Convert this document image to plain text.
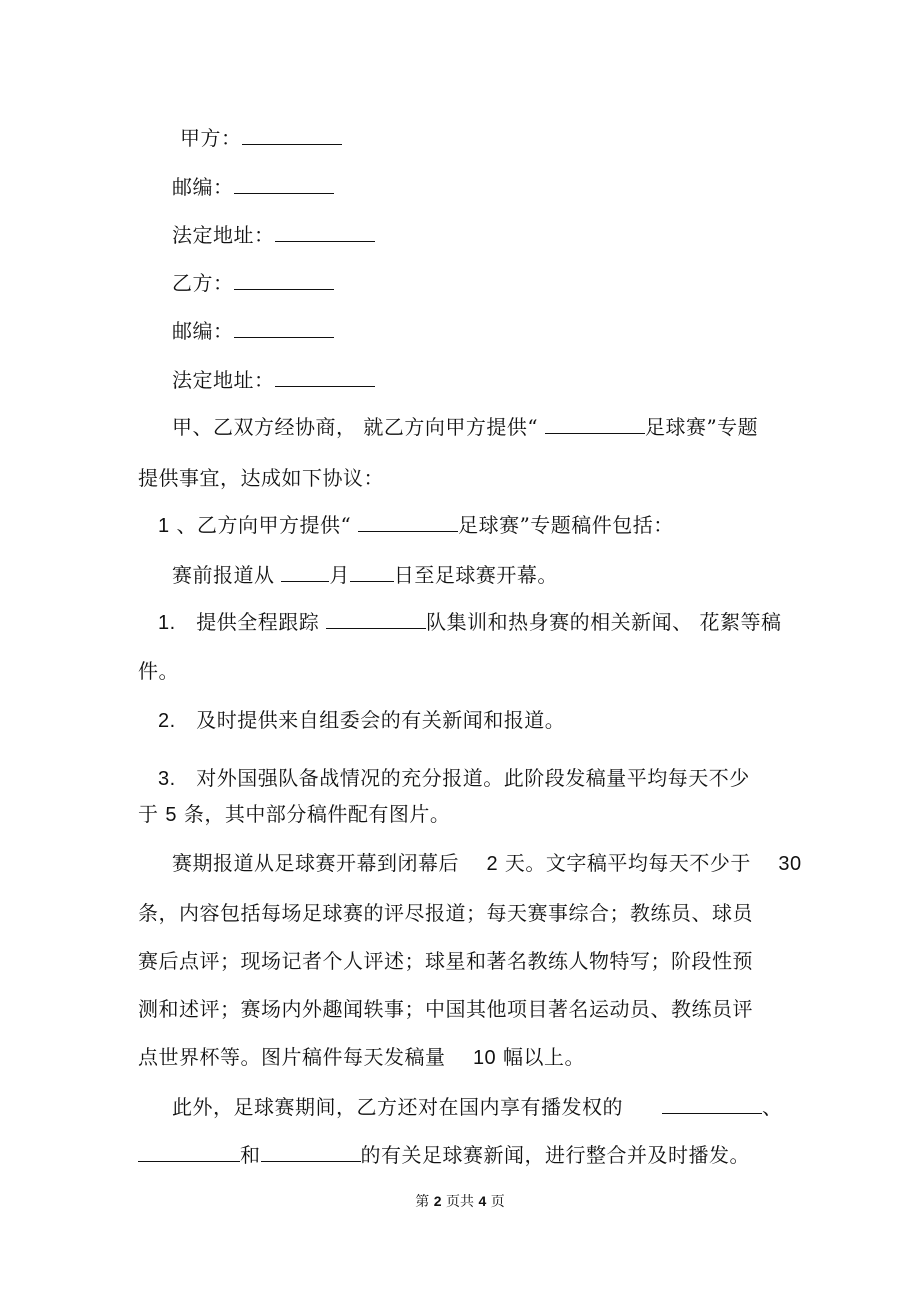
甲方：
邮编：
法定地址：
乙方：
邮编：
法定地址：
甲、乙双方经协商， 就乙方向甲方提供“	足球赛”专题
提供事宜，达成如下协议：
1 、乙方向甲方提供“	足球赛”专题稿件包括：
赛前报道从 月 日至足球赛开幕。
1. 提供全程跟踪	队集训和热身赛的相关新闻、 花絮等稿
件。
2. 及时提供来自组委会的有关新闻和报道。
3. 对外国强队备战情况的充分报道。此阶段发稿量平均每天不少
于 5 条，其中部分稿件配有图片。
赛期报道从足球赛开幕到闭幕后    2 天。文字稿平均每天不少于    30
条，内容包括每场足球赛的评尽报道；每天赛事综合；教练员、球员
赛后点评；现场记者个人评述；球星和著名教练人物特写；阶段性预
测和述评；赛场内外趣闻轶事；中国其他项目著名运动员、教练员评
点世界杯等。图片稿件每天发稿量    10 幅以上。
此外，足球赛期间，乙方还对在国内享有播发权的	、
和	的有关足球赛新闻，进行整合并及时播发。
第 2 页共 4 页
